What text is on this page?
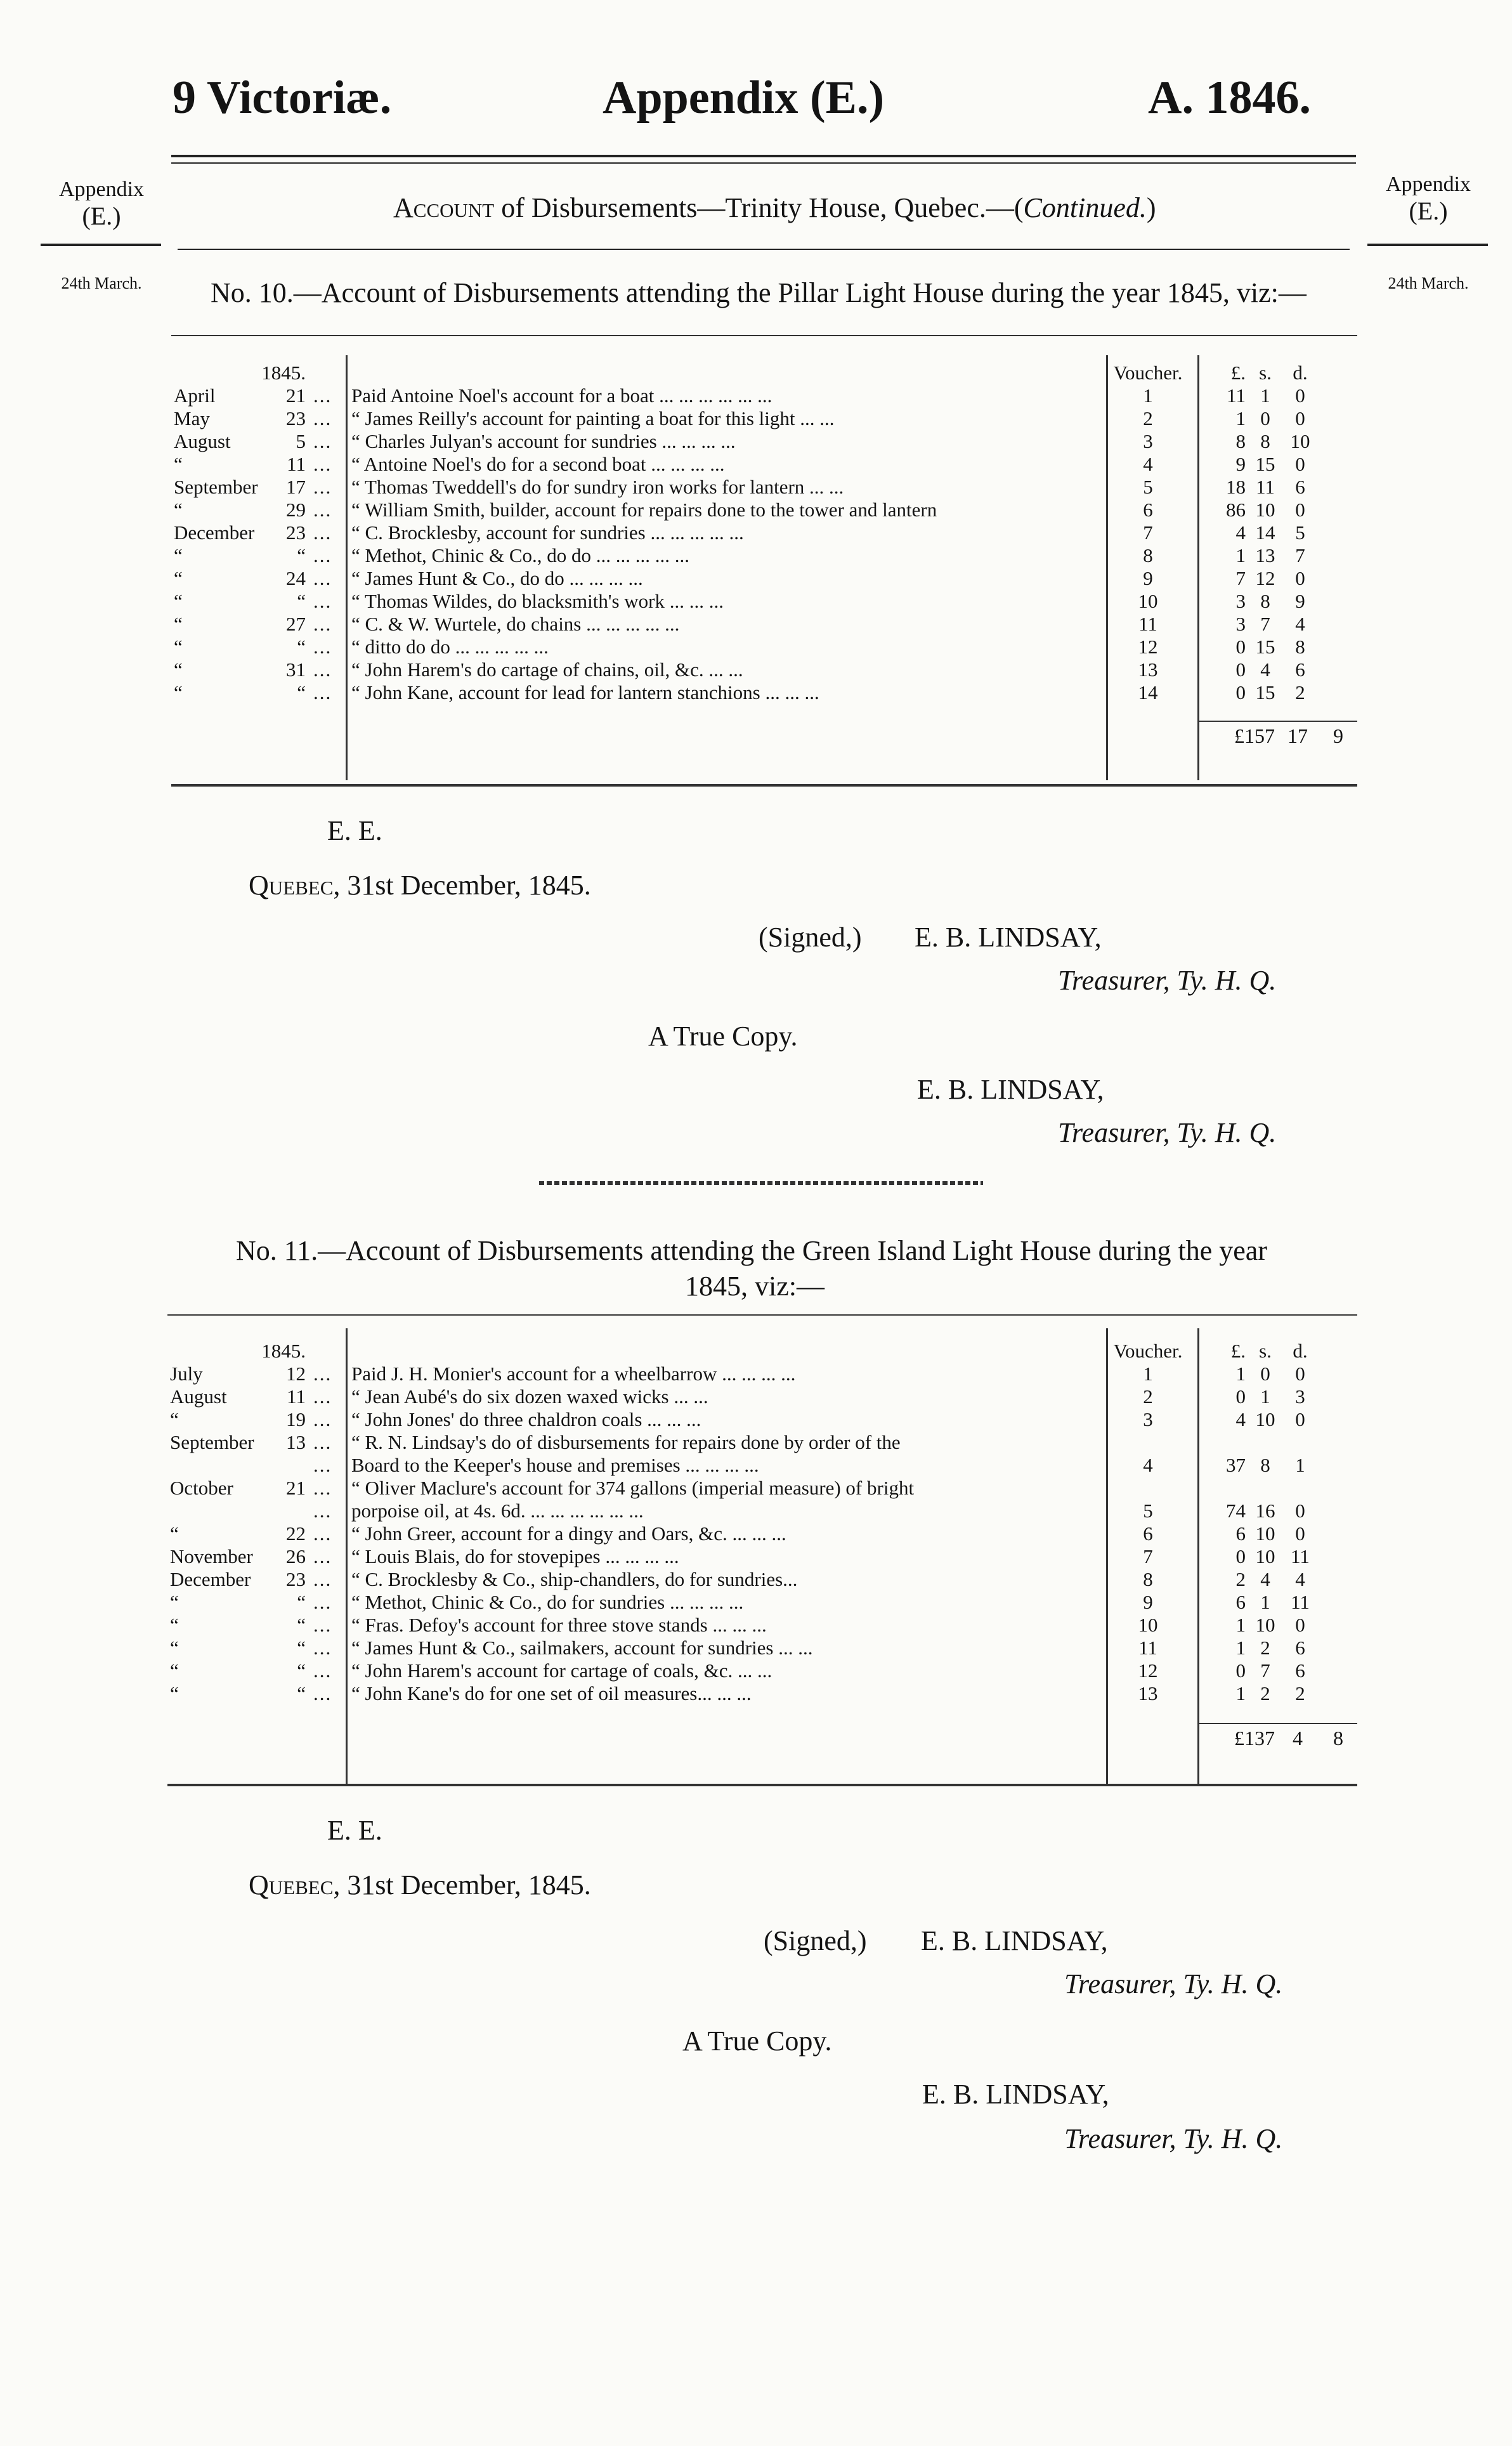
9 Victoriæ.	Appendix (E.)	A. 1846.
Appendix
(E.)
24th March.
Appendix
(E.)
24th March.
Account of Disbursements—Trinity House, Quebec.—(Continued.)
No. 10.—Account of Disbursements attending the Pillar Light House during the year 1845, viz:—
1845.				Voucher.	£.	s.	d.
April	21	...	Paid Antoine Noel's account for a boat ... ... ... ... ... ...	1	11	1	0
May	23	...	“ James Reilly's account for painting a boat for this light ... ...	2	1	0	0
August	5	...	“ Charles Julyan's account for sundries ... ... ... ...	3	8	8	10
“	11	...	“ Antoine Noel's do for a second boat ... ... ... ...	4	9	15	0
September	17	...	“ Thomas Tweddell's do for sundry iron works for lantern ... ...	5	18	11	6
“	29	...	“ William Smith, builder, account for repairs done to the tower and lantern	6	86	10	0
December	23	...	“ C. Brocklesby, account for sundries ... ... ... ... ...	7	4	14	5
“	“	...	“ Methot, Chinic & Co., do do ... ... ... ... ...	8	1	13	7
“	24	...	“ James Hunt & Co., do do ... ... ... ...	9	7	12	0
“	“	...	“ Thomas Wildes, do blacksmith's work ... ... ...	10	3	8	9
“	27	...	“ C. & W. Wurtele, do chains ... ... ... ... ...	11	3	7	4
“	“	...	“ ditto do do ... ... ... ... ...	12	0	15	8
“	31	...	“ John Harem's do cartage of chains, oil, &c. ... ...	13	0	4	6
“	“	...	“ John Kane, account for lead for lantern stanchions ... ... ...	14	0	15	2
£157 17 9
E. E.
Quebec, 31st December, 1845.
(Signed,) E. B. LINDSAY,
Treasurer, Ty. H. Q.
A True Copy.
E. B. LINDSAY,
Treasurer, Ty. H. Q.
No. 11.—Account of Disbursements attending the Green Island Light House during the year
1845, viz:—
1845.				Voucher.	£.	s.	d.
July	12	...	Paid J. H. Monier's account for a wheelbarrow ... ... ... ...	1	1	0	0
August	11	...	“ Jean Aubé's do six dozen waxed wicks ... ...	2	0	1	3
“	19	...	“ John Jones' do three chaldron coals ... ... ...	3	4	10	0
September	13	...	“ R. N. Lindsay's do of disbursements for repairs done by order of the				
		...	Board to the Keeper's house and premises ... ... ... ...	4	37	8	1
October	21	...	“ Oliver Maclure's account for 374 gallons (imperial measure) of bright				
		...	porpoise oil, at 4s. 6d. ... ... ... ... ... ...	5	74	16	0
“	22	...	“ John Greer, account for a dingy and Oars, &c. ... ... ...	6	6	10	0
November	26	...	“ Louis Blais, do for stovepipes ... ... ... ...	7	0	10	11
December	23	...	“ C. Brocklesby & Co., ship-chandlers, do for sundries...	8	2	4	4
“	“	...	“ Methot, Chinic & Co., do for sundries ... ... ... ...	9	6	1	11
“	“	...	“ Fras. Defoy's account for three stove stands ... ... ...	10	1	10	0
“	“	...	“ James Hunt & Co., sailmakers, account for sundries ... ...	11	1	2	6
“	“	...	“ John Harem's account for cartage of coals, &c. ... ...	12	0	7	6
“	“	...	“ John Kane's do for one set of oil measures... ... ...	13	1	2	2
£137 4 8
E. E.
Quebec, 31st December, 1845.
(Signed,) E. B. LINDSAY,
Treasurer, Ty. H. Q.
A True Copy.
E. B. LINDSAY,
Treasurer, Ty. H. Q.
